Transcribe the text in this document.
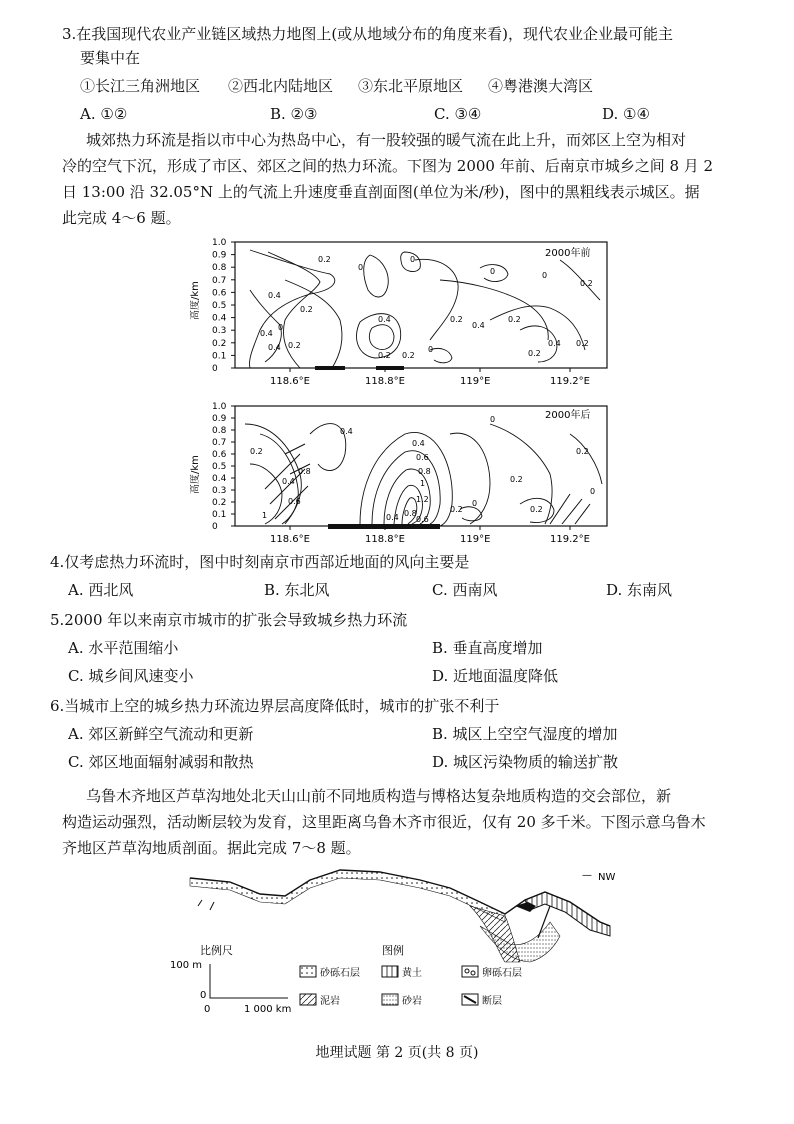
3.在我国现代农业产业链区域热力地图上(或从地域分布的角度来看)，现代农业企业最可能主
要集中在
①长江三角洲地区 ②西北内陆地区 ③东北平原地区 ④粤港澳大湾区
A. ①②	B. ②③	C. ③④	D. ①④
城郊热力环流是指以市中心为热岛中心，有一股较强的暖气流在此上升，而郊区上空为相对
冷的空气下沉，形成了市区、郊区之间的热力环流。下图为 2000 年前、后南京市城乡之间 8 月 2
日 13:00 沿 32.05°N 上的气流上升速度垂直剖面图(单位为米/秒)，图中的黑粗线表示城区。据
此完成 4～6 题。
高度/km
1.0
0.9
0.8
0.7
0.6
0.5
0.4
0.3
0.2
0.1
0
2000年前
0.2
0
0.2
0
0.4
0.4 0.2
0.4
0.2 0.2
0
0.2
0.4
0.2
0.4
0.2
0
0.2
0.4
0
0
0.2
118.6°E	118.8°E	119°E	119.2°E
高度/km
1.0
0.9
0.8
0.7
0.6
0.5
0.4
0.3
0.2
0.1
0
2000年后
0.4
0.6
0.8
1
1.2
0.8
0.6
0.4
0.2
0
0.2
0
0.2
0.4
0.6
0.8
1
0.2
0.4
0
0.2
118.6°E	118.8°E	119°E	119.2°E
4.仅考虑热力环流时，图中时刻南京市西部近地面的风向主要是
A. 西北风	B. 东北风	C. 西南风	D. 东南风
5.2000 年以来南京市城市的扩张会导致城乡热力环流
A. 水平范围缩小	B. 垂直高度增加
C. 城乡间风速变小	D. 近地面温度降低
6.当城市上空的城乡热力环流边界层高度降低时，城市的扩张不利于
A. 郊区新鲜空气流动和更新	B. 城区上空空气湿度的增加
C. 郊区地面辐射减弱和散热	D. 城区污染物质的输送扩散
乌鲁木齐地区芦草沟地处北天山山前不同地质构造与博格达复杂地质构造的交会部位，新
构造运动强烈，活动断层较为发育，这里距离乌鲁木齐市很近，仅有 20 多千米。下图示意乌鲁木
齐地区芦草沟地质剖面。据此完成 7～8 题。
— NW
比例尺
100 m
0
0	1 000 km
图例
砂砾石层	黄土	卵砾石层
泥岩	砂岩	断层
地理试题 第 2 页(共 8 页)
